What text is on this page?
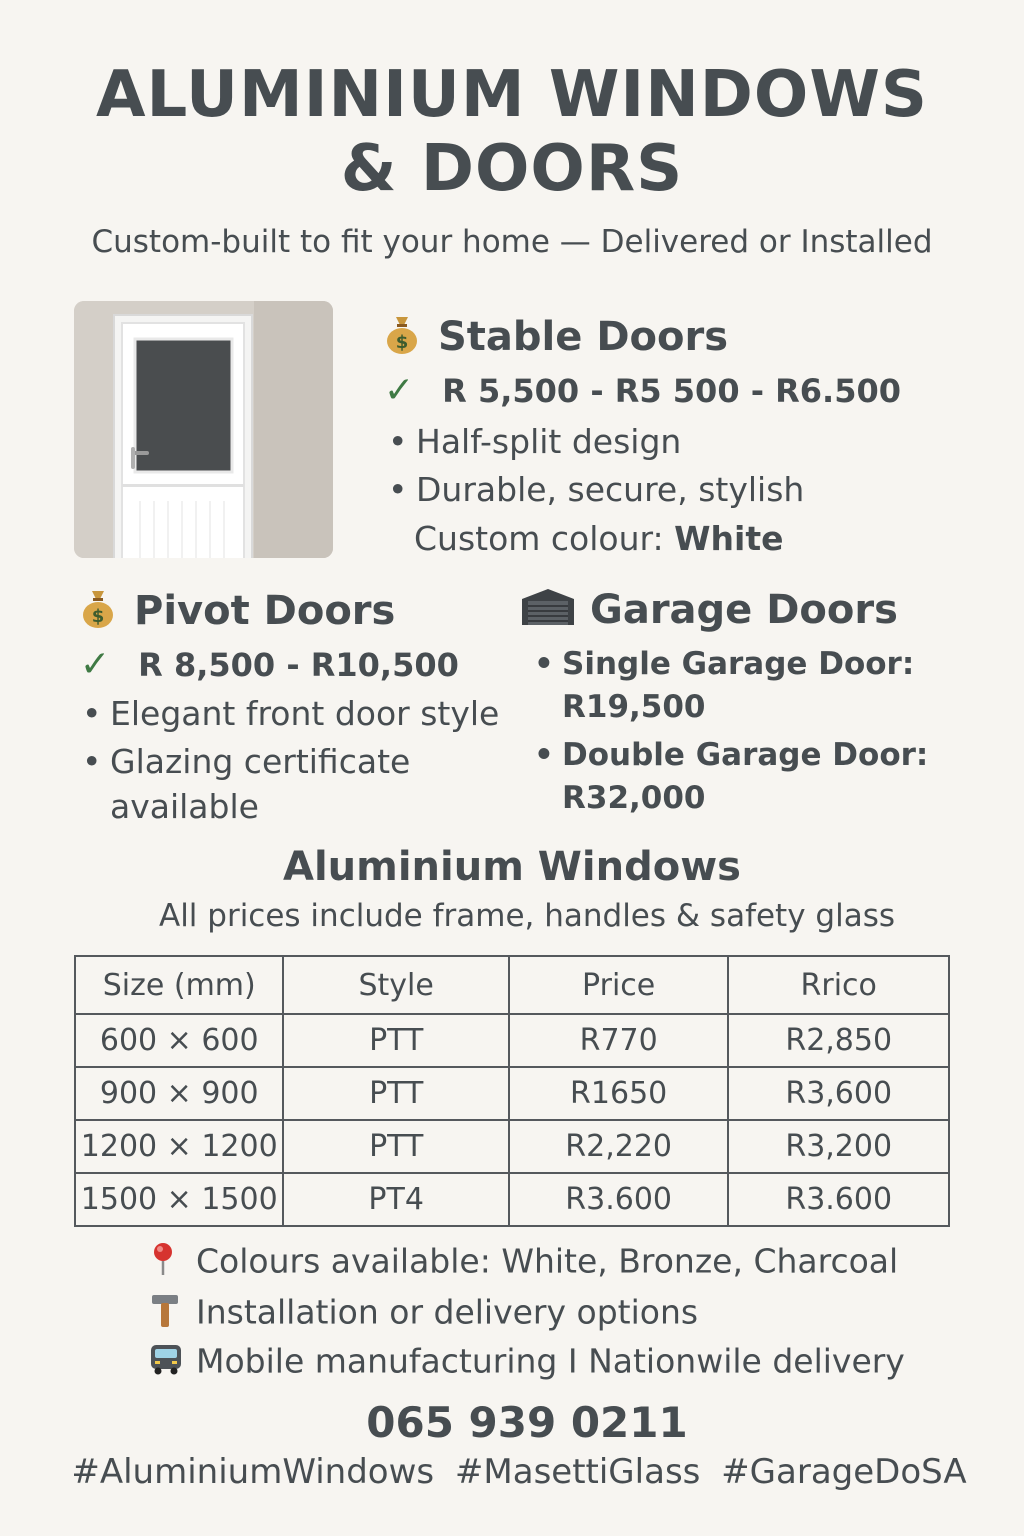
ALUMINIUM WINDOWS
& DOORS
Custom-built to fit your home — Delivered or Installed
$ Stable Doors
✓ R 5,500 - R5 500 - R6.500
• Half-split design
• Durable, secure, stylish
Custom colour: White
$ Pivot Doors
✓ R 8,500 - R10,500
• Elegant front door style
• Glazing certificate
available
Garage Doors
• Single Garage Door:
R19,500
• Double Garage Door:
R32,000
Aluminium Windows
All prices include frame, handles & safety glass
Size (mm)	Style	Price	Rrico
600 × 600	PTT	R770	R2,850
900 × 900	PTT	R1650	R3,600
1200 × 1200	PTT	R2,220	R3,200
1500 × 1500	PT4	R3.600	R3.600
Colours available: White, Bronze, Charcoal
Installation or delivery options
Mobile manufacturing I Nationwile delivery
065 939 0211
#AluminiumWindows #MasettiGlass #GarageDoSA
